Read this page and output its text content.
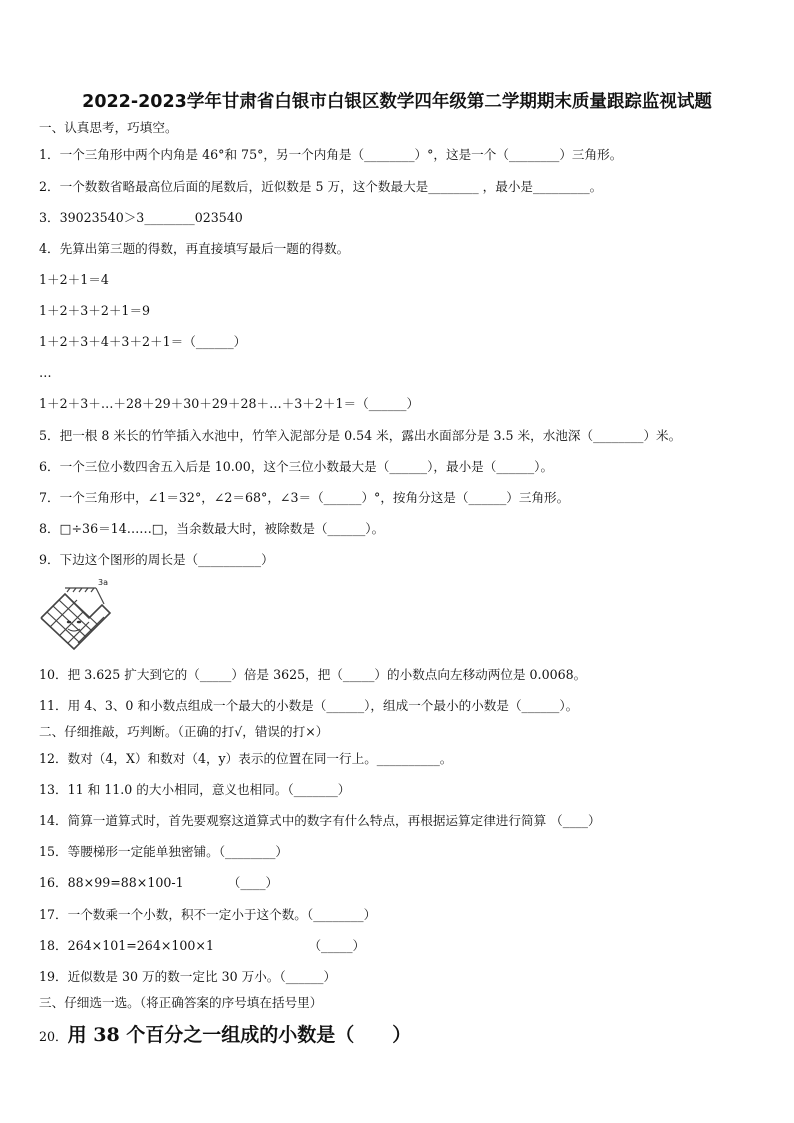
2022-2023学年甘肃省白银市白银区数学四年级第二学期期末质量跟踪监视试题
一、认真思考，巧填空。
1．一个三角形中两个内角是 46°和 75°，另一个内角是（________）°，这是一个（________）三角形。
2．一个数数省略最高位后面的尾数后，近似数是 5 万，这个数最大是________ ，最小是_________。
3．39023540＞3________023540
4．先算出第三题的得数，再直接填写最后一题的得数。
1＋2＋1＝4
1＋2＋3＋2＋1＝9
1＋2＋3＋4＋3＋2＋1＝（______）
…
1＋2＋3＋…＋28＋29＋30＋29＋28＋…＋3＋2＋1＝（______）
5．把一根 8 米长的竹竿插入水池中，竹竿入泥部分是 0.54 米，露出水面部分是 3.5 米，水池深（________）米。
6．一个三位小数四舍五入后是 10.00，这个三位小数最大是（______），最小是（______）。
7．一个三角形中，∠1＝32°，∠2＝68°，∠3＝（______）°，按角分这是（______）三角形。
8．□÷36＝14……□，当余数最大时，被除数是（______）。
9．下边这个图形的周长是（__________）
3a
10．把 3.625 扩大到它的（_____）倍是 3625，把（_____）的小数点向左移动两位是 0.0068。
11．用 4、3、0 和小数点组成一个最大的小数是（______），组成一个最小的小数是（______）。
二、仔细推敲，巧判断。（正确的打√，错误的打×）
12．数对（4，X）和数对（4，y）表示的位置在同一行上。__________。
13．11 和 11.0 的大小相同，意义也相同。（_______）
14．简算一道算式时，首先要观察这道算式中的数字有什么特点，再根据运算定律进行简算 （____）
15．等腰梯形一定能单独密铺。（________）
16．88×99=88×100-1　　　　（____）
17．一个数乘一个小数，积不一定小于这个数。（________）
18．264×101=264×100×1　　　　　　　　（_____）
19．近似数是 30 万的数一定比 30 万小。（______）
三、仔细选一选。（将正确答案的序号填在括号里）
20．用 38 个百分之一组成的小数是（　　）
